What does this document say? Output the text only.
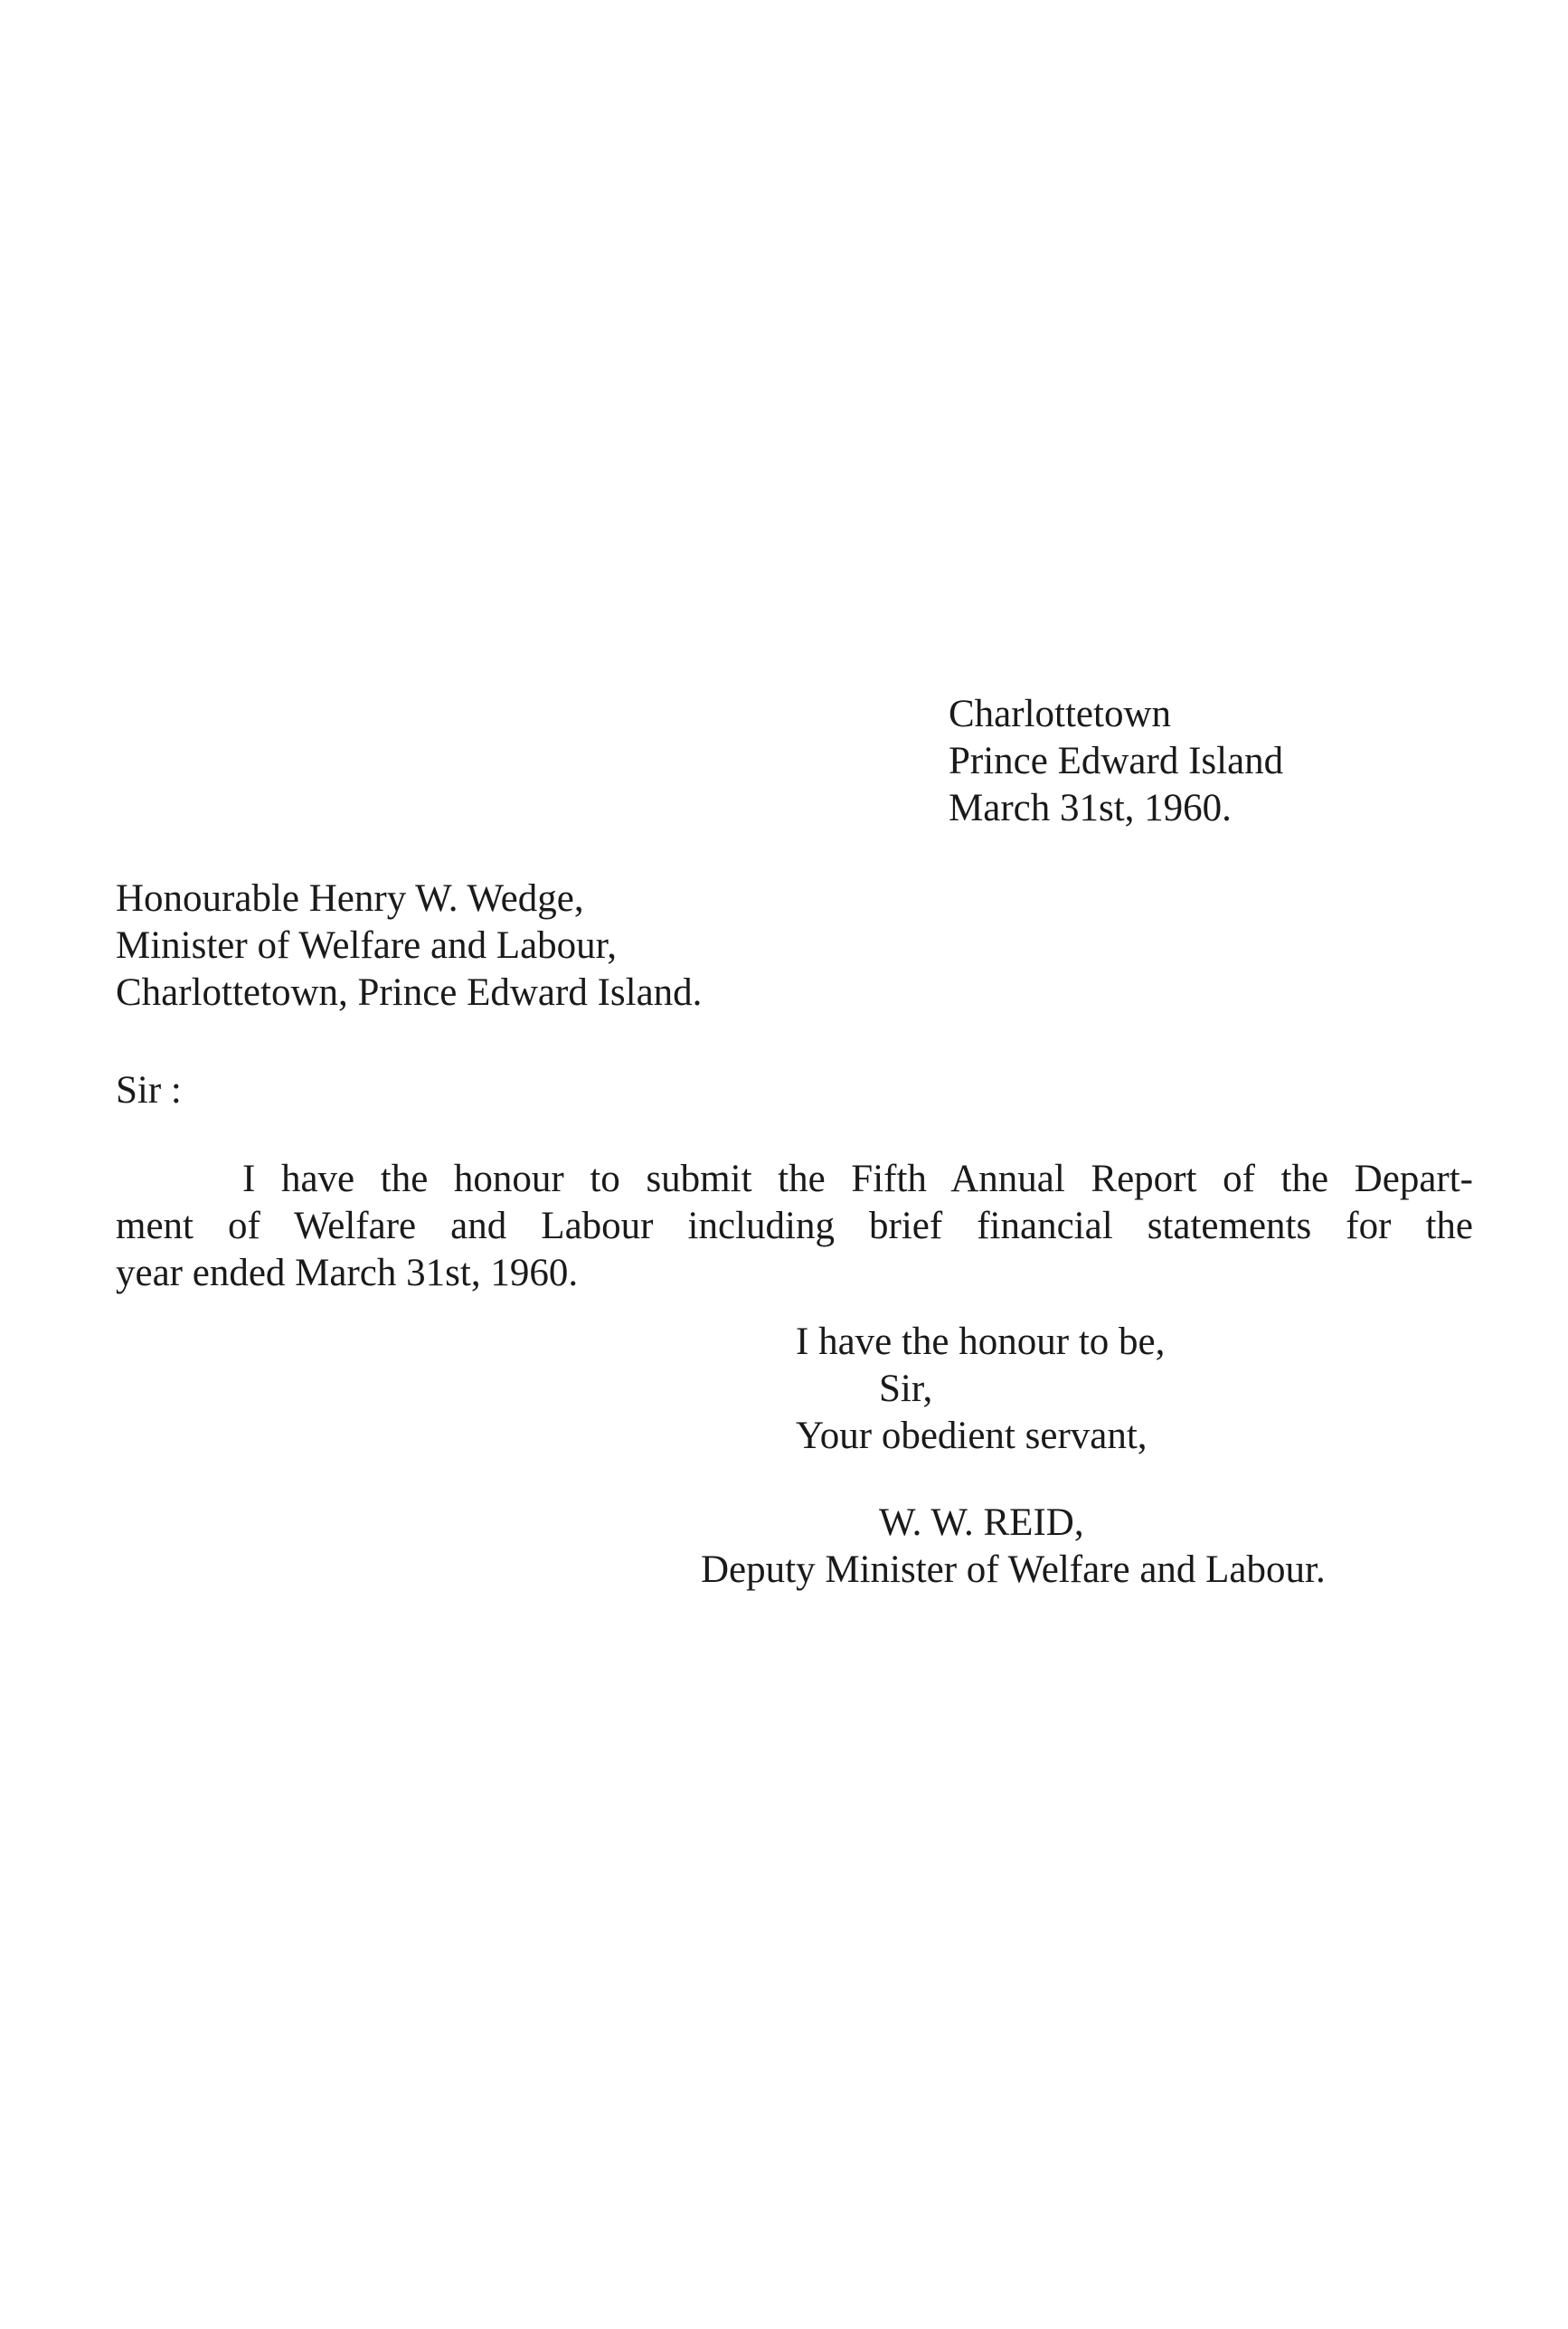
Charlottetown
Prince Edward Island
March 31st, 1960.
Honourable Henry W. Wedge,
Minister of Welfare and Labour,
Charlottetown, Prince Edward Island.
Sir :
I have the honour to submit the Fifth Annual Report of the Depart-
ment of Welfare and Labour including brief financial statements for the
year ended March 31st, 1960.
I have the honour to be,
Sir,
Your obedient servant,
W. W. REID,
Deputy Minister of Welfare and Labour.
